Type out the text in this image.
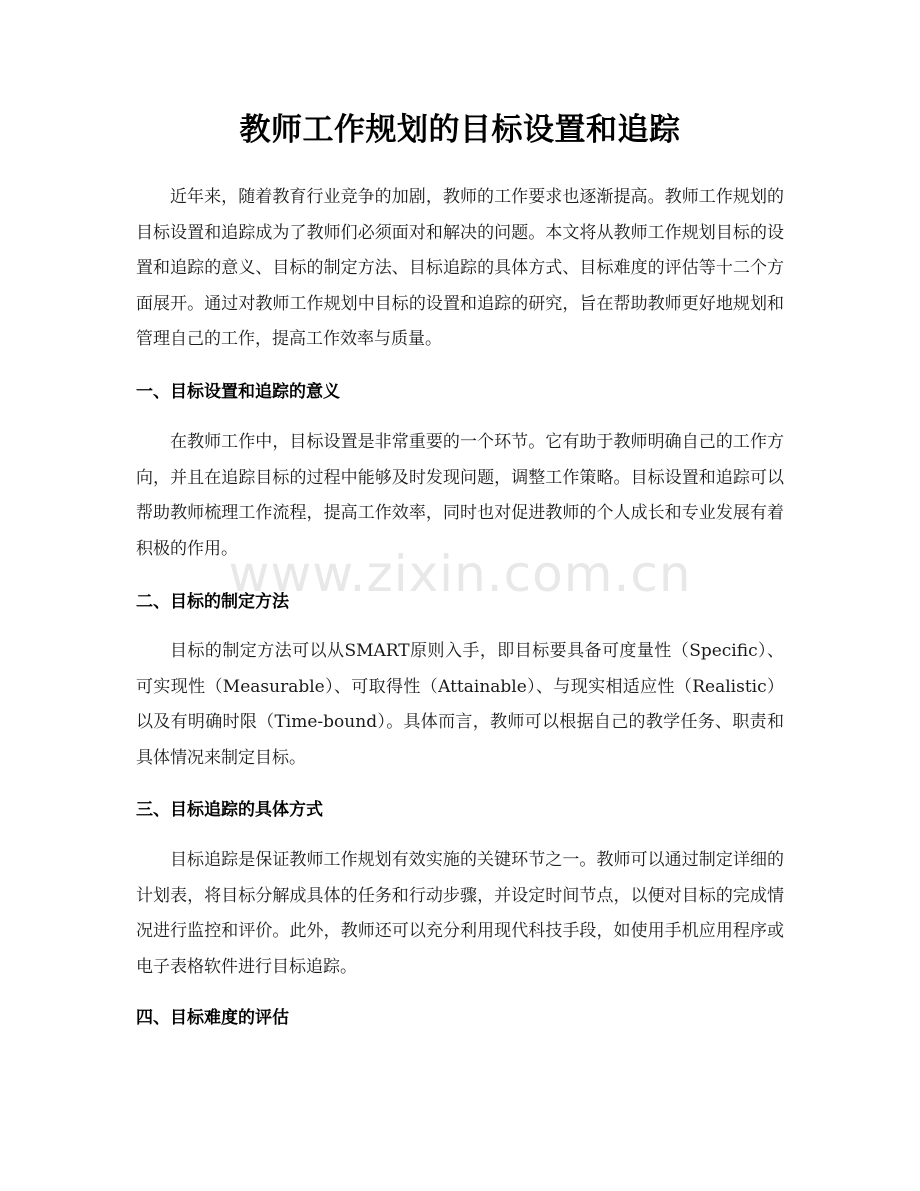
教师工作规划的目标设置和追踪

近年来，随着教育行业竞争的加剧，教师的工作要求也逐渐提高。教师工作规划的目标设置和追踪成为了教师们必须面对和解决的问题。本文将从教师工作规划目标的设置和追踪的意义、目标的制定方法、目标追踪的具体方式、目标难度的评估等十二个方面展开。通过对教师工作规划中目标的设置和追踪的研究，旨在帮助教师更好地规划和管理自己的工作，提高工作效率与质量。

一、目标设置和追踪的意义

在教师工作中，目标设置是非常重要的一个环节。它有助于教师明确自己的工作方向，并且在追踪目标的过程中能够及时发现问题，调整工作策略。目标设置和追踪可以帮助教师梳理工作流程，提高工作效率，同时也对促进教师的个人成长和专业发展有着积极的作用。

二、目标的制定方法

目标的制定方法可以从SMART原则入手，即目标要具备可度量性（Specific）、可实现性（Measurable）、可取得性（Attainable）、与现实相适应性（Realistic）以及有明确时限（Time-bound）。具体而言，教师可以根据自己的教学任务、职责和具体情况来制定目标。

三、目标追踪的具体方式

目标追踪是保证教师工作规划有效实施的关键环节之一。教师可以通过制定详细的计划表，将目标分解成具体的任务和行动步骤，并设定时间节点，以便对目标的完成情况进行监控和评价。此外，教师还可以充分利用现代科技手段，如使用手机应用程序或电子表格软件进行目标追踪。

四、目标难度的评估
www.zixin.com.cn
